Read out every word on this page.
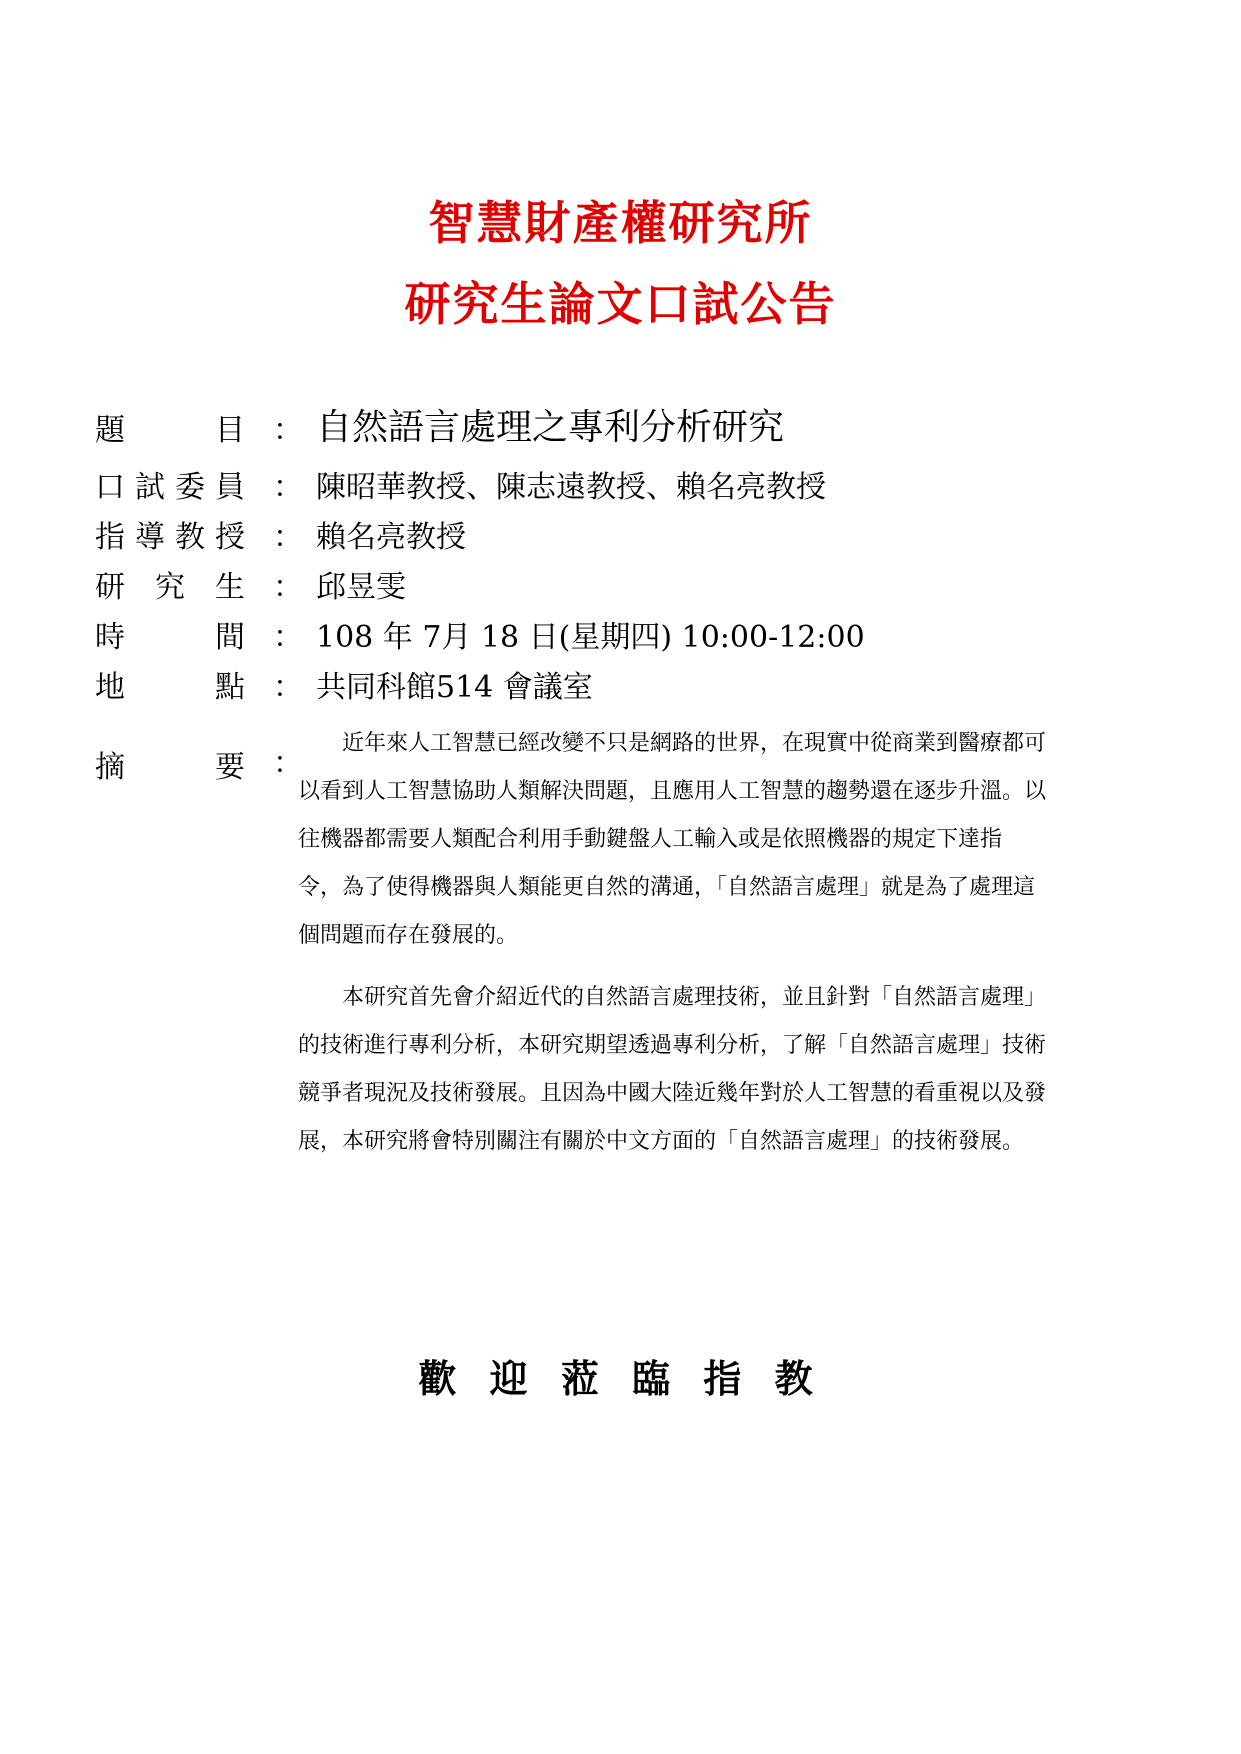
智慧財產權研究所
研究生論文口試公告
題	目 ： 自然語言處理之專利分析研究
口 試 委 員 ： 陳昭華教授、陳志遠教授、賴名亮教授
指 導 教 授 ： 賴名亮教授
研 究 生 ： 邱昱雯
時	間 ： 108 年 7月 18 日(星期四) 10:00-12:00
地	點 ： 共同科館514 會議室
摘	要 ：
　　近年來人工智慧已經改變不只是網路的世界，在現實中從商業到醫療都可
以看到人工智慧協助人類解決問題，且應用人工智慧的趨勢還在逐步升溫。以
往機器都需要人類配合利用手動鍵盤人工輸入或是依照機器的規定下達指
令，為了使得機器與人類能更自然的溝通，「自然語言處理」就是為了處理這
個問題而存在發展的。
　　本研究首先會介紹近代的自然語言處理技術，並且針對「自然語言處理」
的技術進行專利分析，本研究期望透過專利分析，了解「自然語言處理」技術
競爭者現況及技術發展。且因為中國大陸近幾年對於人工智慧的看重視以及發
展，本研究將會特別關注有關於中文方面的「自然語言處理」的技術發展。
歡 迎 蒞 臨 指 教
